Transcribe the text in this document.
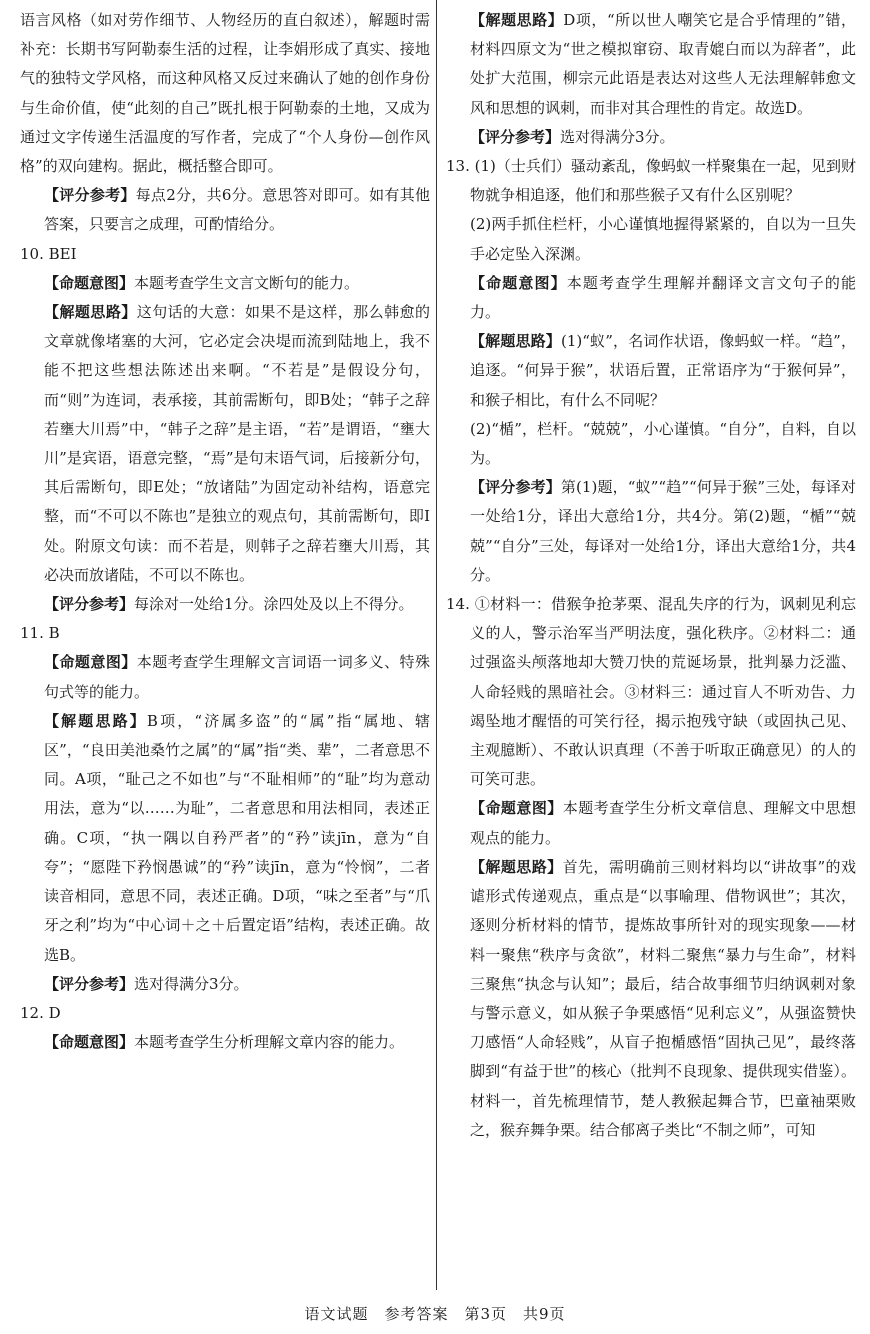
语言风格（如对劳作细节、人物经历的直白叙述），解题时需补充：长期书写阿勒泰生活的过程，让李娟形成了真实、接地气的独特文学风格，而这种风格又反过来确认了她的创作身份与生命价值，使“此刻的自己”既扎根于阿勒泰的土地，又成为通过文字传递生活温度的写作者，完成了“个人身份—创作风格”的双向建构。据此，概括整合即可。

【评分参考】每点2分，共6分。意思答对即可。如有其他答案，只要言之成理，可酌情给分。

10. BEI

【命题意图】本题考查学生文言文断句的能力。

【解题思路】这句话的大意：如果不是这样，那么韩愈的文章就像堵塞的大河，它必定会决堤而流到陆地上，我不能不把这些想法陈述出来啊。“不若是”是假设分句，而“则”为连词，表承接，其前需断句，即B处；“韩子之辞若壅大川焉”中，“韩子之辞”是主语，“若”是谓语，“壅大川”是宾语，语意完整，“焉”是句末语气词，后接新分句，其后需断句，即E处；“放诸陆”为固定动补结构，语意完整，而“不可以不陈也”是独立的观点句，其前需断句，即I处。附原文句读：而不若是，则韩子之辞若壅大川焉，其必决而放诸陆，不可以不陈也。

【评分参考】每涂对一处给1分。涂四处及以上不得分。

11. B

【命题意图】本题考查学生理解文言词语一词多义、特殊句式等的能力。

【解题思路】B项，“济属多盗”的“属”指“属地、辖区”，“良田美池桑竹之属”的“属”指“类、辈”，二者意思不同。A项，“耻己之不如也”与“不耻相师”的“耻”均为意动用法，意为“以……为耻”，二者意思和用法相同，表述正确。C项，“执一隅以自矜严者”的“矜”读jīn，意为“自夸”；“愿陛下矜悯愚诚”的“矜”读jīn，意为“怜悯”，二者读音相同，意思不同，表述正确。D项，“味之至者”与“爪牙之利”均为“中心词＋之＋后置定语”结构，表述正确。故选B。

【评分参考】选对得满分3分。

12. D

【命题意图】本题考查学生分析理解文章内容的能力。

【解题思路】D项，“所以世人嘲笑它是合乎情理的”错，材料四原文为“世之模拟窜窃、取青媲白而以为辞者”，此处扩大范围，柳宗元此语是表达对这些人无法理解韩愈文风和思想的讽刺，而非对其合理性的肯定。故选D。

【评分参考】选对得满分3分。

13. (1)（士兵们）骚动紊乱，像蚂蚁一样聚集在一起，见到财物就争相追逐，他们和那些猴子又有什么区别呢？

(2)两手抓住栏杆，小心谨慎地握得紧紧的，自以为一旦失手必定坠入深渊。

【命题意图】本题考查学生理解并翻译文言文句子的能力。

【解题思路】(1)“蚁”，名词作状语，像蚂蚁一样。“趋”，追逐。“何异于猴”，状语后置，正常语序为“于猴何异”，和猴子相比，有什么不同呢？

(2)“楯”，栏杆。“兢兢”，小心谨慎。“自分”，自料，自以为。

【评分参考】第(1)题，“蚁”“趋”“何异于猴”三处，每译对一处给1分，译出大意给1分，共4分。第(2)题，“楯”“兢兢”“自分”三处，每译对一处给1分，译出大意给1分，共4分。

14. ①材料一：借猴争抢茅栗、混乱失序的行为，讽刺见利忘义的人，警示治军当严明法度，强化秩序。②材料二：通过强盗头颅落地却大赞刀快的荒诞场景，批判暴力泛滥、人命轻贱的黑暗社会。③材料三：通过盲人不听劝告、力竭坠地才醒悟的可笑行径，揭示抱残守缺（或固执己见、主观臆断）、不敢认识真理（不善于听取正确意见）的人的可笑可悲。

【命题意图】本题考查学生分析文章信息、理解文中思想观点的能力。

【解题思路】首先，需明确前三则材料均以“讲故事”的戏谑形式传递观点，重点是“以事喻理、借物讽世”；其次，逐则分析材料的情节，提炼故事所针对的现实现象——材料一聚焦“秩序与贪欲”，材料二聚焦“暴力与生命”，材料三聚焦“执念与认知”；最后，结合故事细节归纳讽刺对象与警示意义，如从猴子争栗感悟“见利忘义”，从强盗赞快刀感悟“人命轻贱”，从盲子抱楯感悟“固执己见”，最终落脚到“有益于世”的核心（批判不良现象、提供现实借鉴）。材料一，首先梳理情节，楚人教猴起舞合节，巴童袖栗败之，猴弃舞争栗。结合郁离子类比“不制之师”，可知

语文试题　参考答案　第3页　共9页
